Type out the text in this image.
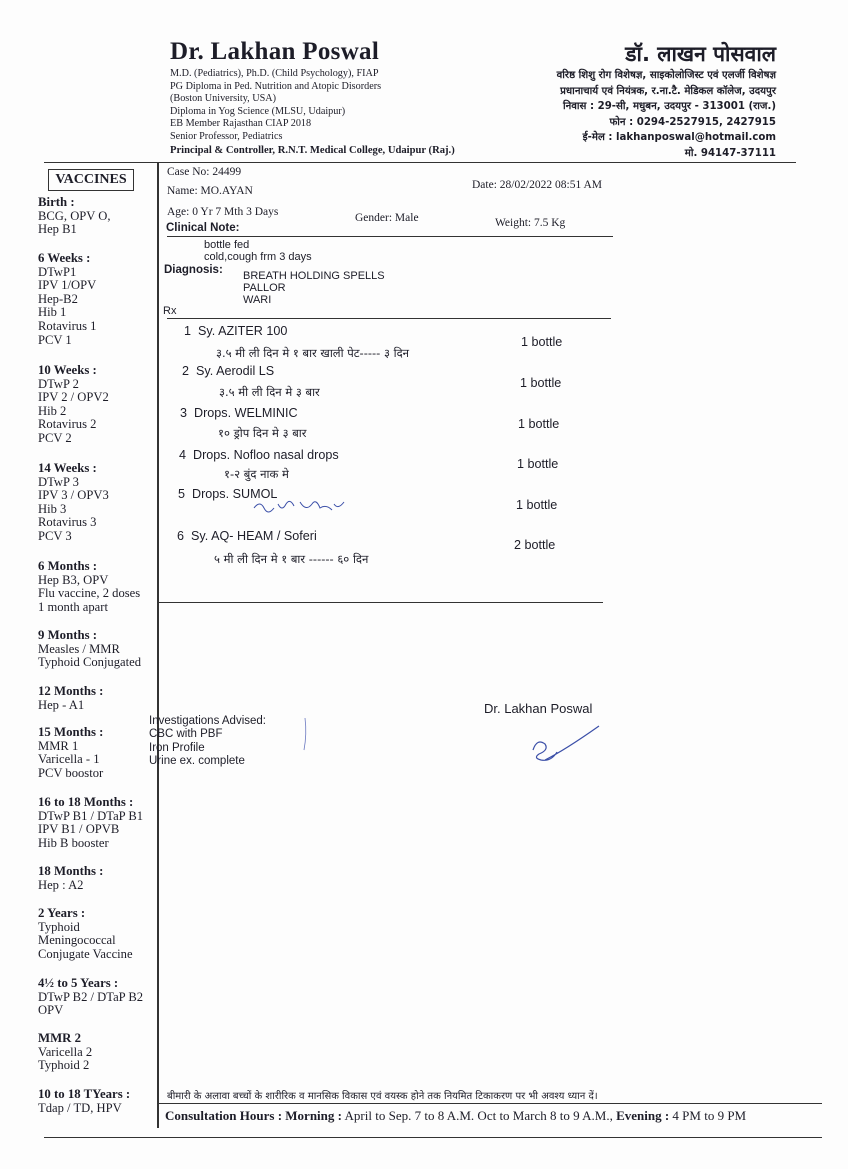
Dr. Lakhan Poswal
M.D. (Pediatrics), Ph.D. (Child Psychology), FIAP
PG Diploma in Ped. Nutrition and Atopic Disorders
(Boston University, USA)
Diploma in Yog Science (MLSU, Udaipur)
EB Member Rajasthan CIAP 2018
Senior Professor, Pediatrics
Principal & Controller, R.N.T. Medical College, Udaipur (Raj.)
डॉ. लाखन पोसवाल
वरिष्ठ शिशु रोग विशेषज्ञ, साइकोलोजिस्ट एवं एलर्जी विशेषज्ञ
प्रधानाचार्य एवं नियंत्रक, र.ना.टै. मेडिकल कॉलेज, उदयपुर
निवास : 29-सी, मधुबन, उदयपुर - 313001 (राज.)
फोन : 0294-2527915, 2427915
ई-मेल : lakhanposwal@hotmail.com
मो. 94147-37111
VACCINES
Birth :
BCG, OPV O,
Hep B1
6 Weeks :
DTwP1
IPV 1/OPV
Hep-B2
Hib 1
Rotavirus 1
PCV 1
10 Weeks :
DTwP 2
IPV 2 / OPV2
Hib 2
Rotavirus 2
PCV 2
14 Weeks :
DTwP 3
IPV 3 / OPV3
Hib 3
Rotavirus 3
PCV 3
6 Months :
Hep B3, OPV
Flu vaccine, 2 doses
1 month apart
9 Months :
Measles / MMR
Typhoid Conjugated
12 Months :
Hep - A1
15 Months :
MMR 1
Varicella - 1
PCV boostor
16 to 18 Months :
DTwP B1 / DTaP B1
IPV B1 / OPVB
Hib B booster
18 Months :
Hep : A2
2 Years :
Typhoid
Meningococcal
Conjugate Vaccine
4½ to 5 Years :
DTwP B2 / DTaP B2
OPV
MMR 2
Varicella 2
Typhoid 2
10 to 18 TYears :
Tdap / TD, HPV
Case No: 24499
Date: 28/02/2022 08:51 AM
Name: MO.AYAN
Age: 0 Yr 7 Mth 3 Days	Gender: Male	Weight: 7.5 Kg
Clinical Note:
bottle fed
cold,cough frm 3 days
Diagnosis: BREATH HOLDING SPELLS
PALLOR
WARI
Rx
1 Sy. AZITER 100
३.५ मी ली दिन मे १ बार खाली पेट----- ३ दिन
1 bottle
2 Sy. Aerodil LS
३.५ मी ली दिन मे ३ बार
1 bottle
3 Drops. WELMINIC
१० ड्रोप दिन मे ३ बार
1 bottle
4 Drops. Nofloo nasal drops
१-२ बुंद नाक मे
1 bottle
5 Drops. SUMOL
1 bottle
6 Sy. AQ- HEAM / Soferi
५ मी ली दिन मे १ बार ------ ६० दिन
2 bottle
Dr. Lakhan Poswal
Investigations Advised:
CBC with PBF
Iron Profile
Urine ex. complete
बीमारी के अलावा बच्चों के शारीरिक व मानसिक विकास एवं वयस्क होने तक नियमित टिकाकरण पर भी अवश्य ध्यान दें।
Consultation Hours : Morning : April to Sep. 7 to 8 A.M. Oct to March 8 to 9 A.M., Evening : 4 PM to 9 PM
